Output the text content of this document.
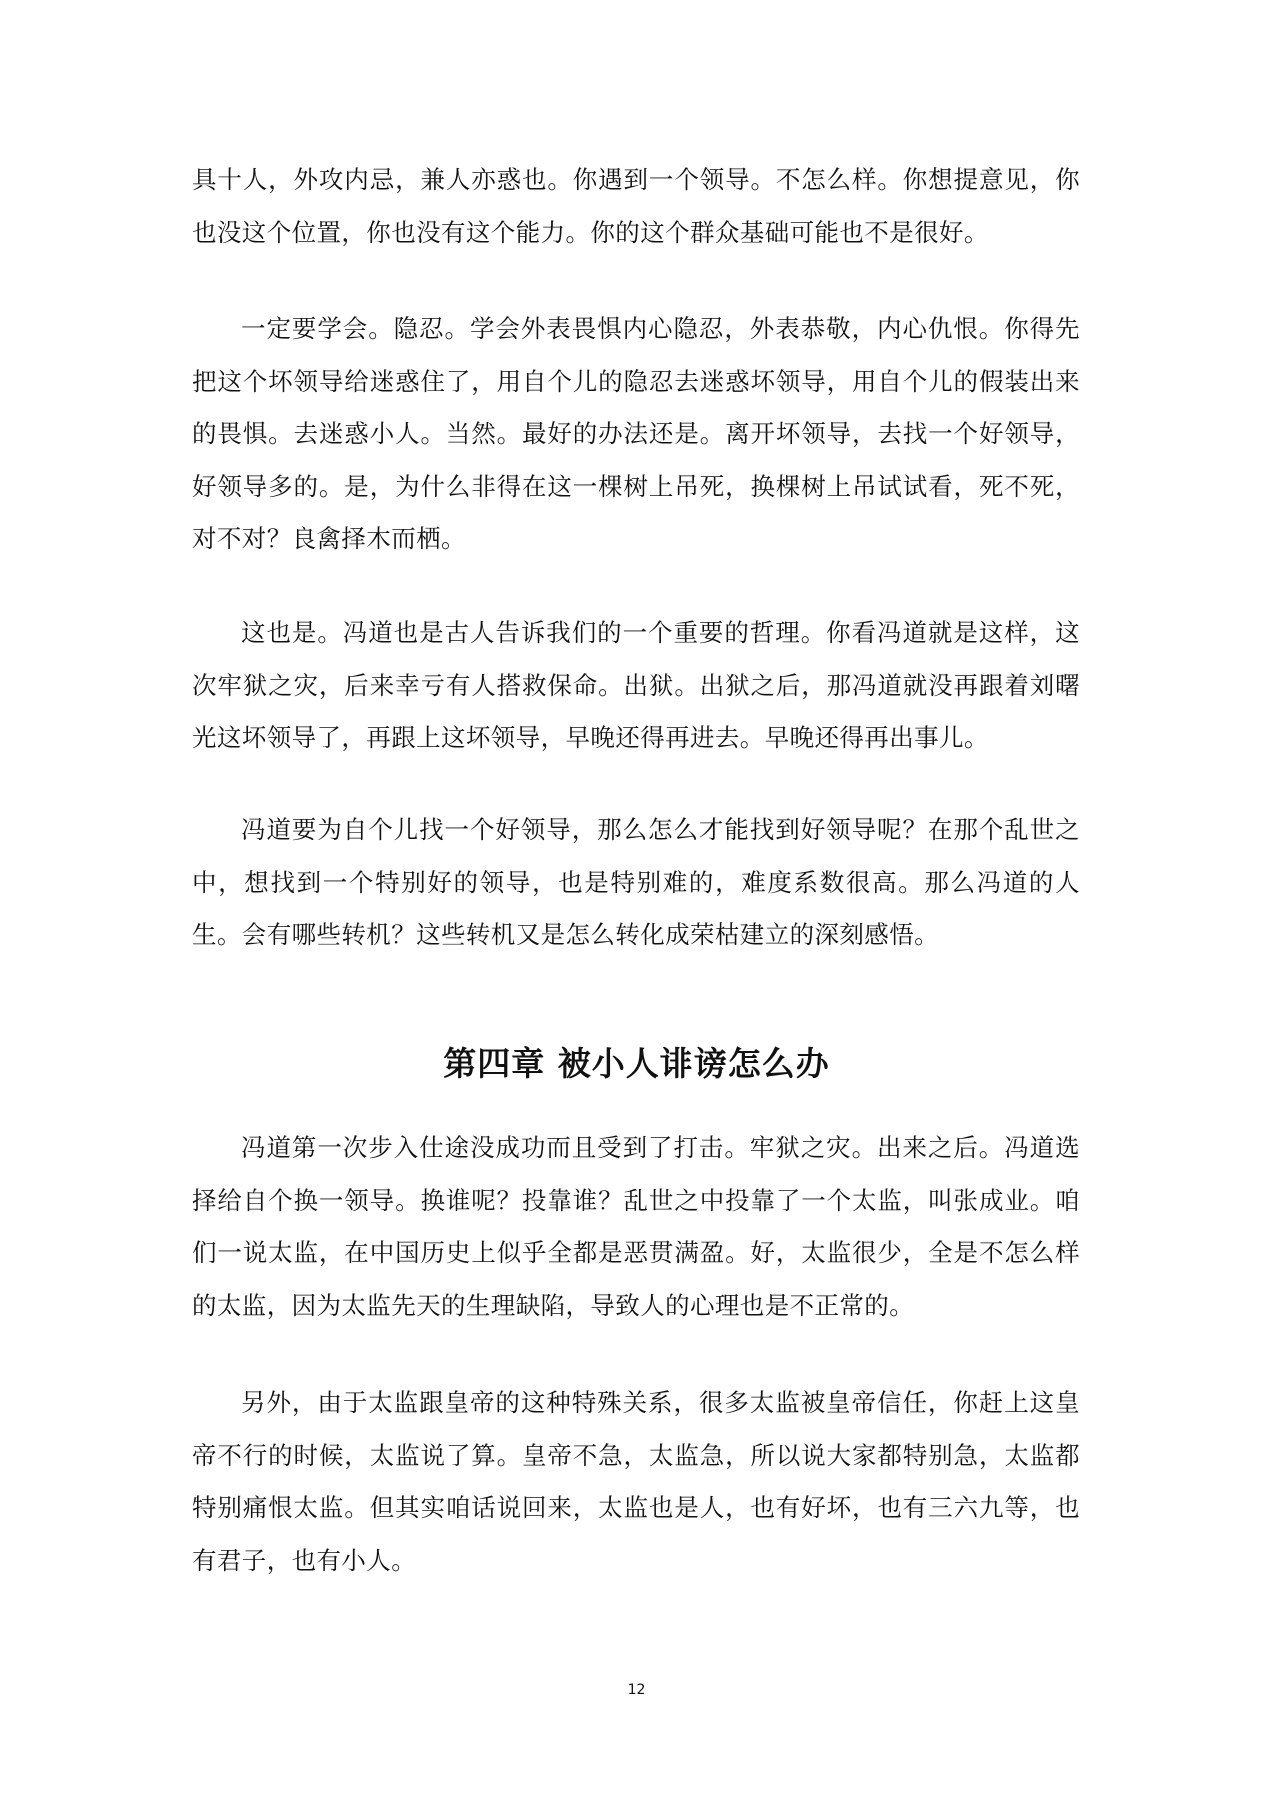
具十人，外攻内忌，兼人亦惑也。你遇到一个领导。不怎么样。你想提意见，你也没这个位置，你也没有这个能力。你的这个群众基础可能也不是很好。

一定要学会。隐忍。学会外表畏惧内心隐忍，外表恭敬，内心仇恨。你得先把这个坏领导给迷惑住了，用自个儿的隐忍去迷惑坏领导，用自个儿的假装出来的畏惧。去迷惑小人。当然。最好的办法还是。离开坏领导，去找一个好领导，好领导多的。是，为什么非得在这一棵树上吊死，换棵树上吊试试看，死不死，对不对？良禽择木而栖。

这也是。冯道也是古人告诉我们的一个重要的哲理。你看冯道就是这样，这次牢狱之灾，后来幸亏有人搭救保命。出狱。出狱之后，那冯道就没再跟着刘曙光这坏领导了，再跟上这坏领导，早晚还得再进去。早晚还得再出事儿。

冯道要为自个儿找一个好领导，那么怎么才能找到好领导呢？在那个乱世之中，想找到一个特别好的领导，也是特别难的，难度系数很高。那么冯道的人生。会有哪些转机？这些转机又是怎么转化成荣枯建立的深刻感悟。

第四章 被小人诽谤怎么办

冯道第一次步入仕途没成功而且受到了打击。牢狱之灾。出来之后。冯道选择给自个换一领导。换谁呢？投靠谁？乱世之中投靠了一个太监，叫张成业。咱们一说太监，在中国历史上似乎全都是恶贯满盈。好，太监很少，全是不怎么样的太监，因为太监先天的生理缺陷，导致人的心理也是不正常的。

另外，由于太监跟皇帝的这种特殊关系，很多太监被皇帝信任，你赶上这皇帝不行的时候，太监说了算。皇帝不急，太监急，所以说大家都特别急，太监都特别痛恨太监。但其实咱话说回来，太监也是人，也有好坏，也有三六九等，也有君子，也有小人。

12
